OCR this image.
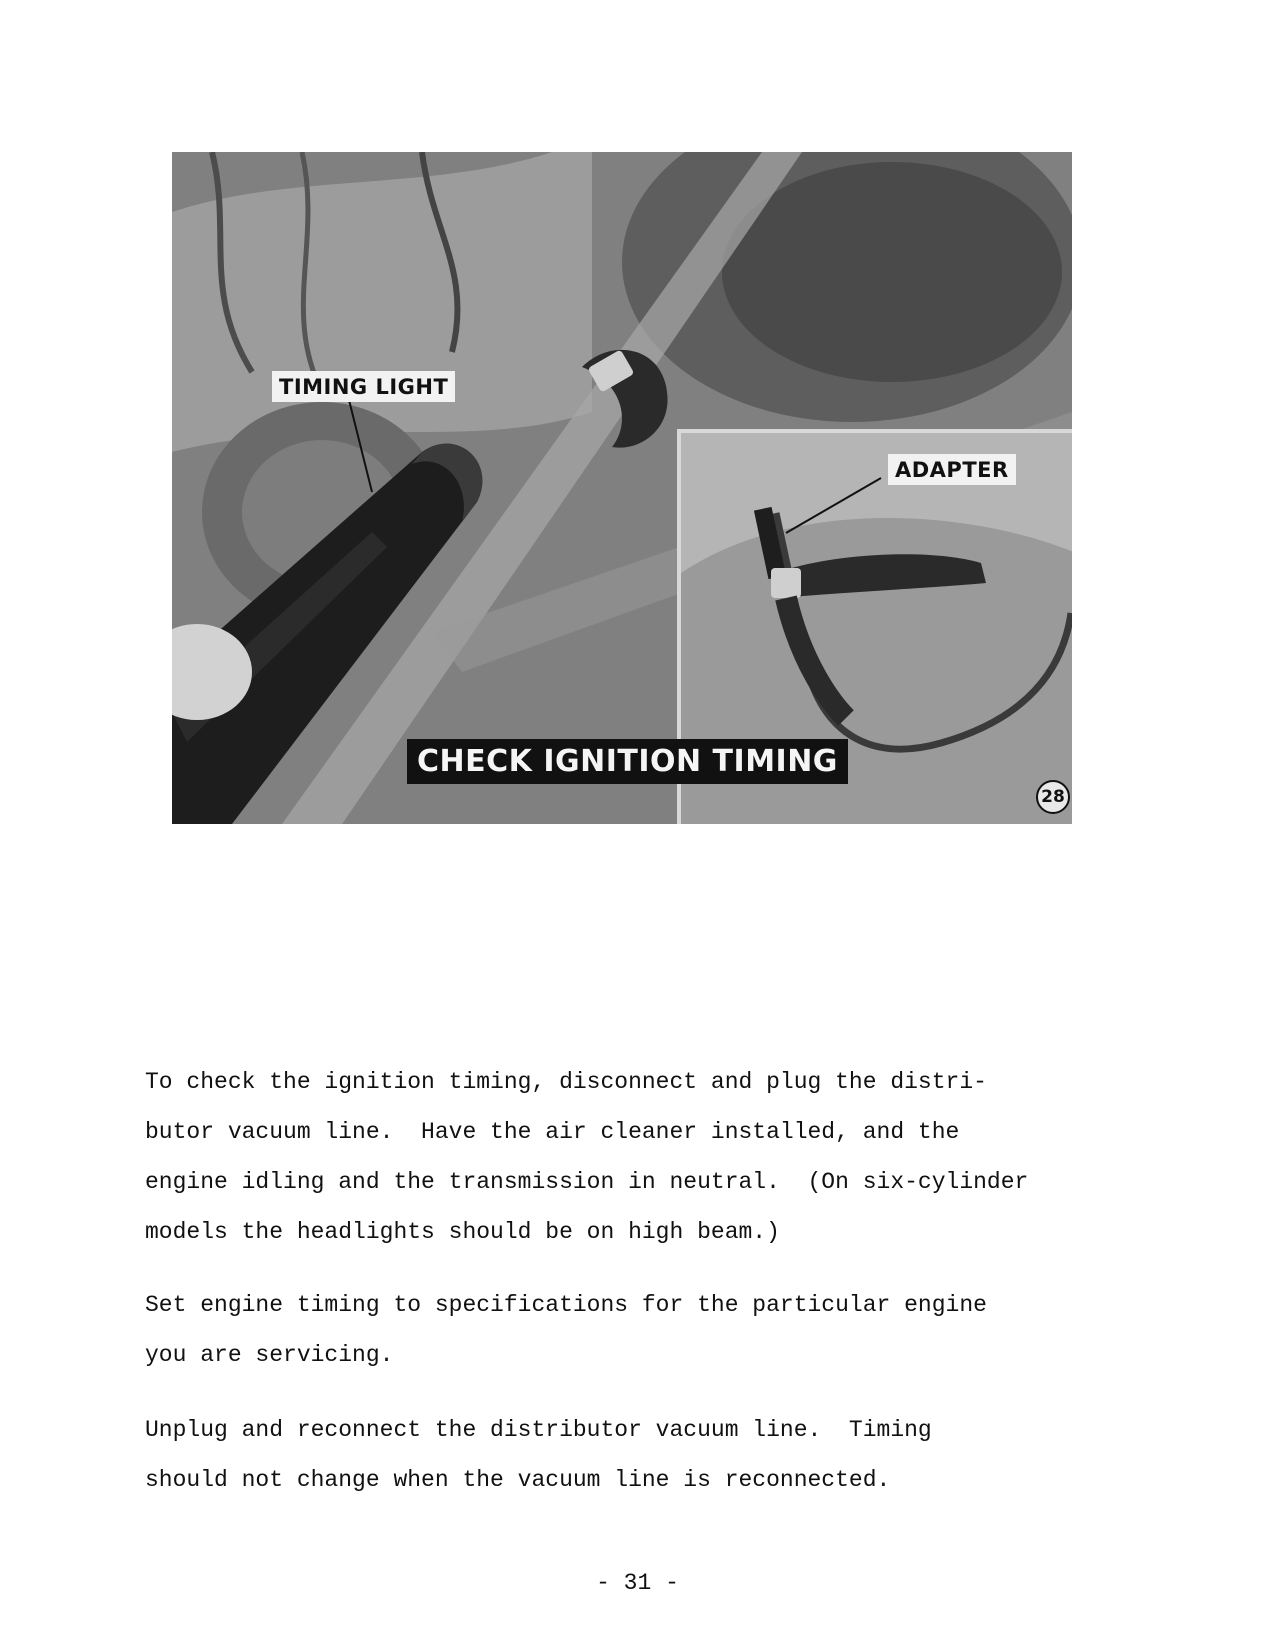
TIMING LIGHT
ADAPTER
CHECK IGNITION TIMING
28

To check the ignition timing, disconnect and plug the distri-
butor vacuum line.  Have the air cleaner installed, and the
engine idling and the transmission in neutral.  (On six-cylinder
models the headlights should be on high beam.)

Set engine timing to specifications for the particular engine
you are servicing.

Unplug and reconnect the distributor vacuum line.  Timing
should not change when the vacuum line is reconnected.

- 31 -
